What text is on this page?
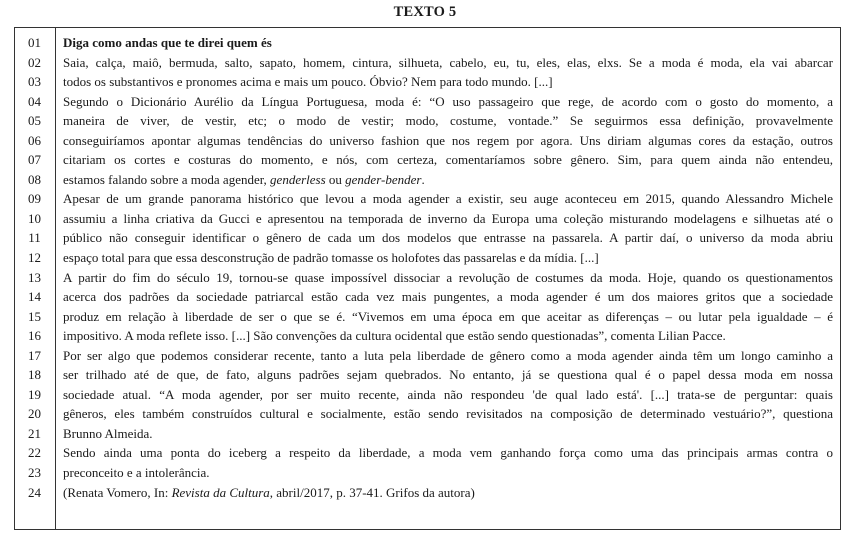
TEXTO 5
01	Diga como andas que te direi quem és
02	Saia, calça, maiô, bermuda, salto, sapato, homem, cintura, silhueta, cabelo, eu, tu, eles, elas, elxs. Se a moda é moda, ela vai abarcar
03	todos os substantivos e pronomes acima e mais um pouco. Óbvio? Nem para todo mundo. [...]
04	Segundo o Dicionário Aurélio da Língua Portuguesa, moda é: “O uso passageiro que rege, de acordo com o gosto do momento, a
05	maneira de viver, de vestir, etc; o modo de vestir; modo, costume, vontade.” Se seguirmos essa definição, provavelmente
06	conseguiríamos apontar algumas tendências do universo fashion que nos regem por agora. Uns diriam algumas cores da estação, outros
07	citariam os cortes e costuras do momento, e nós, com certeza, comentaríamos sobre gênero. Sim, para quem ainda não entendeu,
08	estamos falando sobre a moda agender, genderless ou gender-bender.
09	Apesar de um grande panorama histórico que levou a moda agender a existir, seu auge aconteceu em 2015, quando Alessandro Michele
10	assumiu a linha criativa da Gucci e apresentou na temporada de inverno da Europa uma coleção misturando modelagens e silhuetas até o
11	público não conseguir identificar o gênero de cada um dos modelos que entrasse na passarela. A partir daí, o universo da moda abriu
12	espaço total para que essa desconstrução de padrão tomasse os holofotes das passarelas e da mídia. [...]
13	A partir do fim do século 19, tornou-se quase impossível dissociar a revolução de costumes da moda. Hoje, quando os questionamentos
14	acerca dos padrões da sociedade patriarcal estão cada vez mais pungentes, a moda agender é um dos maiores gritos que a sociedade
15	produz em relação à liberdade de ser o que se é. “Vivemos em uma época em que aceitar as diferenças – ou lutar pela igualdade – é
16	impositivo. A moda reflete isso. [...] São convenções da cultura ocidental que estão sendo questionadas”, comenta Lilian Pacce.
17	Por ser algo que podemos considerar recente, tanto a luta pela liberdade de gênero como a moda agender ainda têm um longo caminho a
18	ser trilhado até de que, de fato, alguns padrões sejam quebrados. No entanto, já se questiona qual é o papel dessa moda em nossa
19	sociedade atual. “A moda agender, por ser muito recente, ainda não respondeu 'de qual lado está'. [...] trata-se de perguntar: quais
20	gêneros, eles também construídos cultural e socialmente, estão sendo revisitados na composição de determinado vestuário?”, questiona
21	Brunno Almeida.
22	Sendo ainda uma ponta do iceberg a respeito da liberdade, a moda vem ganhando força como uma das principais armas contra o
23	preconceito e a intolerância.
24	(Renata Vomero, In: Revista da Cultura, abril/2017, p. 37-41. Grifos da autora)
